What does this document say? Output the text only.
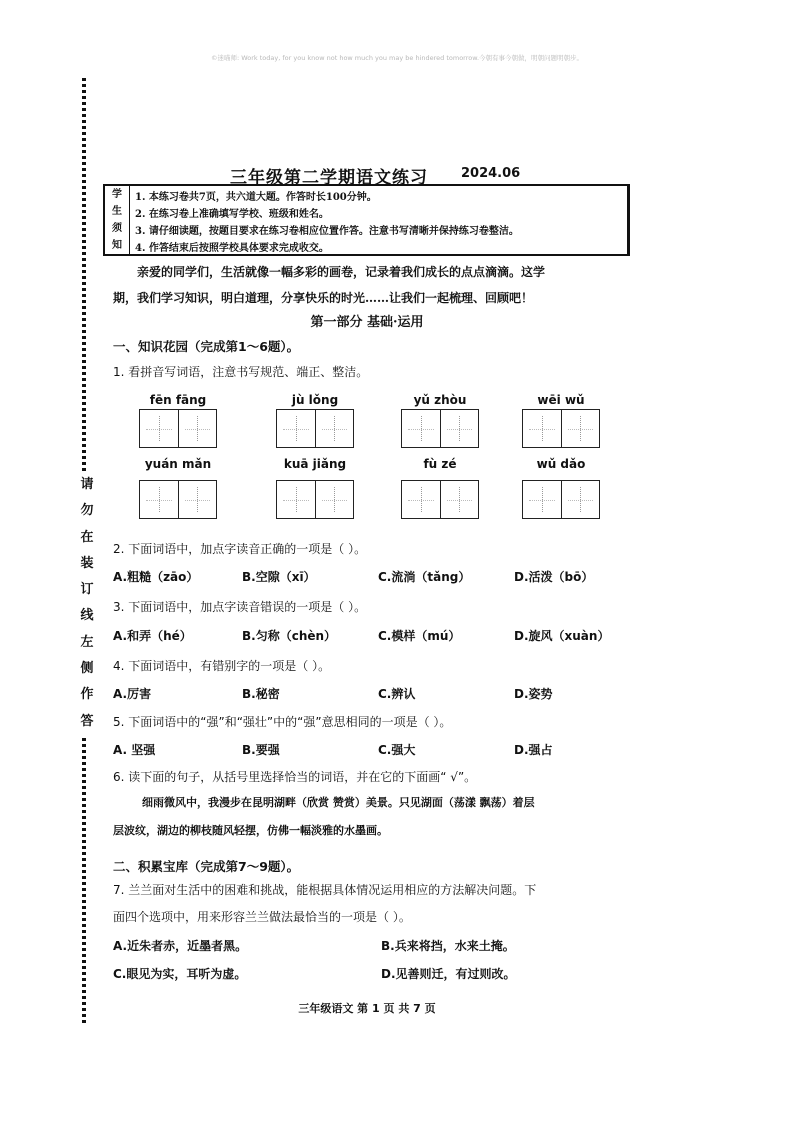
©迷喵师: Work today, for you know not how much you may be hindered tomorrow.今朝有事今朝做，明朝问题明朝步。
请
勿
在
装
订
线
左
侧
作
答
三年级第二学期语文练习	2024.06
学
生
须
知
1. 本练习卷共7页，共六道大题。作答时长100分钟。
2. 在练习卷上准确填写学校、班级和姓名。
3. 请仔细读题，按题目要求在练习卷相应位置作答。注意书写清晰并保持练习卷整洁。
4. 作答结束后按照学校具体要求完成收交。

亲爱的同学们，生活就像一幅多彩的画卷，记录着我们成长的点点滴滴。这学

期，我们学习知识，明白道理，分享快乐的时光……让我们一起梳理、回顾吧！

第一部分 基础·运用
一、知识花园（完成第1～6题）。
1. 看拼音写词语，注意书写规范、端正、整洁。
fēn fāng	jù lǒng	yǔ zhòu	wēi wǔ
yuán mǎn	kuā jiǎng	fù zé	wǔ dǎo
2. 下面词语中，加点字读音正确的一项是（ ）。
A.粗糙（zāo）	B.空隙（xī）	C.流淌（tǎng）	D.活泼（bō）
3. 下面词语中，加点字读音错误的一项是（ ）。
A.和弄（hé）	B.匀称（chèn）	C.模样（mú）	D.旋风（xuàn）
4. 下面词语中，有错别字的一项是（ ）。
A.厉害	B.秘密	C.辨认	D.姿势
5. 下面词语中的“强”和“强壮”中的“强”意思相同的一项是（ ）。
A. 坚强	B.要强	C.强大	D.强占
6. 读下面的句子，从括号里选择恰当的词语，并在它的下面画“ √”。
细雨微风中，我漫步在昆明湖畔（欣赏 赞赏）美景。只见湖面（荡漾 飘荡）着层
层波纹，湖边的柳枝随风轻摆，仿佛一幅淡雅的水墨画。
二、积累宝库（完成第7～9题）。
7. 兰兰面对生活中的困难和挑战，能根据具体情况运用相应的方法解决问题。下
面四个选项中，用来形容兰兰做法最恰当的一项是（ ）。
A.近朱者赤，近墨者黑。	B.兵来将挡，水来土掩。
C.眼见为实，耳听为虚。	D.见善则迁，有过则改。
三年级语文 第 1 页 共 7 页
